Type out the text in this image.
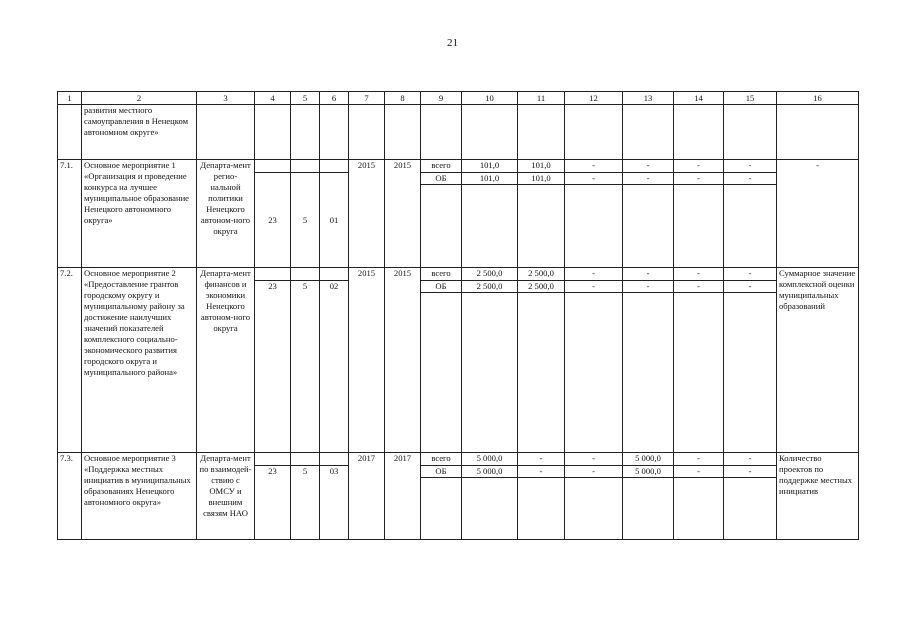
21
1	2	3	4	5	6	7	8	9	10	11	12	13	14	15	16
	развития местного самоуправления в Ненецком автономном округе»														
7.1.	Основное мероприятие 1 «Организация и проведение конкурса на лучшее муниципальное образование Ненецкого автономного округа»	Департа-мент регио-нальной политики Ненецкого автоном-ного округа				2015	2015	всего	101,0	101,0	-	-	-	-	-
			23	5	01			ОБ	101,0	101,0	-	-	-	-	

7.2.	Основное мероприятие 2 «Предоставление грантов городскому округу и муниципальному району за достижение наилучших значений показателей комплексного социально-экономического развития городского округа и муниципального района»	Департа-мент финансов и экономики Ненецкого автоном-ного округа				2015	2015	всего	2 500,0	2 500,0	-	-	-	-	Суммарное значение комплексной оценки муниципальных образований
			23	5	02			ОБ	2 500,0	2 500,0	-	-	-	-	

7.3.	Основное мероприятие 3 «Поддержка местных инициатив в муниципальных образованиях Ненецкого автономного округа»	Департа-мент по взаимодей-ствию с ОМСУ и внешним связям НАО				2017	2017	всего	5 000,0	-	-	5 000,0	-	-	Количество проектов по поддержке местных инициатив
			23	5	03			ОБ	5 000,0	-	-	5 000,0	-	-	
